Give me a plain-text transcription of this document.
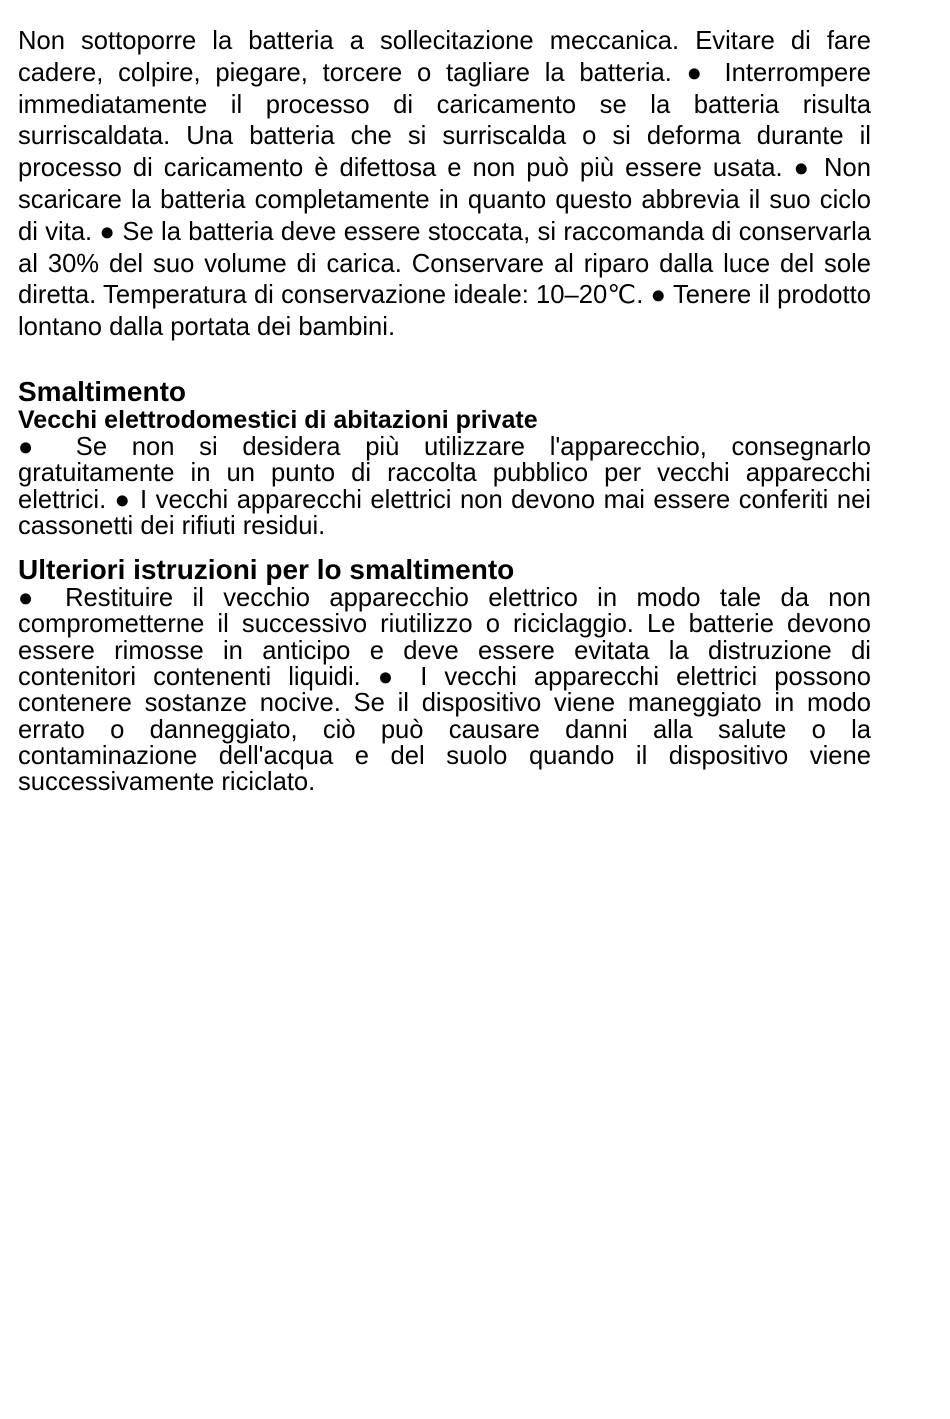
Non sottoporre la batteria a sollecitazione meccanica. Evitare di fare cadere, colpire, piegare, torcere o tagliare la batteria. ● Interrompere immediatamente il processo di caricamento se la batteria risulta surriscaldata. Una batteria che si surriscalda o si deforma durante il processo di caricamento è difettosa e non può più essere usata. ● Non scaricare la batteria completamente in quanto questo abbrevia il suo ciclo di vita. ● Se la batteria deve essere stoccata, si raccomanda di conservarla al 30% del suo volume di carica. Conservare al riparo dalla luce del sole diretta. Temperatura di conservazione ideale: 10–20℃. ● Tenere il prodotto lontano dalla portata dei bambini.

Smaltimento
Vecchi elettrodomestici di abitazioni private

● Se non si desidera più utilizzare l'apparecchio, consegnarlo gratuitamente in un punto di raccolta pubblico per vecchi apparecchi elettrici. ● I vecchi apparecchi elettrici non devono mai essere conferiti nei cassonetti dei rifiuti residui.

Ulteriori istruzioni per lo smaltimento

● Restituire il vecchio apparecchio elettrico in modo tale da non comprometterne il successivo riutilizzo o riciclaggio. Le batterie devono essere rimosse in anticipo e deve essere evitata la distruzione di contenitori contenenti liquidi. ● I vecchi apparecchi elettrici possono contenere sostanze nocive. Se il dispositivo viene maneggiato in modo errato o danneggiato, ciò può causare danni alla salute o la contaminazione dell'acqua e del suolo quando il dispositivo viene successivamente riciclato.
